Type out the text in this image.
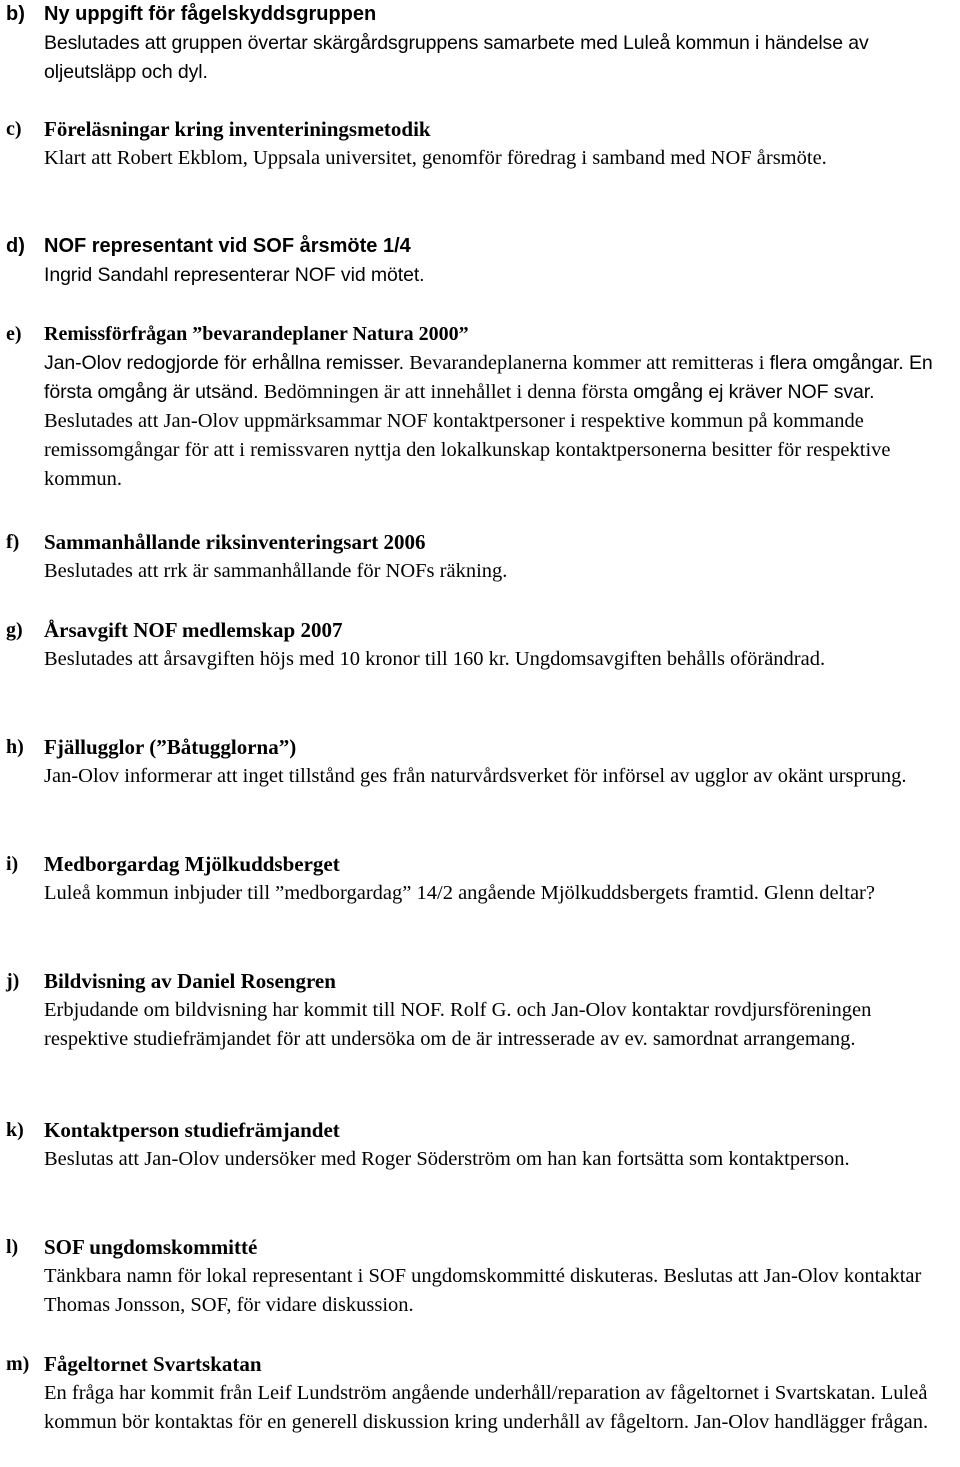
b) Ny uppgift för fågelskyddsgruppen
Beslutades att gruppen övertar skärgårdsgruppens samarbete med Luleå kommun i händelse av oljeutsläpp och dyl.
c)	Föreläsningar kring inventeriningsmetodik
Klart att Robert Ekblom, Uppsala universitet, genomför föredrag i samband med NOF årsmöte.
d) NOF representant vid SOF årsmöte 1/4
Ingrid Sandahl representerar NOF vid mötet.
e)	Remissförfrågan ”bevarandeplaner Natura 2000”
Jan-Olov redogjorde för erhållna remisser. Bevarandeplanerna kommer att remitteras i flera omgångar. En första omgång är utsänd. Bedömningen är att innehållet i denna första omgång ej kräver NOF svar. Beslutades att Jan-Olov uppmärksammar NOF kontaktpersoner i respektive kommun på kommande remissomgångar för att i remissvaren nyttja den lokalkunskap kontaktpersonerna besitter för respektive kommun.
f)	Sammanhållande riksinventeringsart 2006
Beslutades att rrk är sammanhållande för NOFs räkning.
g)	Årsavgift NOF medlemskap 2007
Beslutades att årsavgiften höjs med 10 kronor till 160 kr. Ungdomsavgiften behålls oförändrad.
h) Fjällugglor (”Båtugglorna”)
Jan-Olov informerar att inget tillstånd ges från naturvårdsverket för införsel av ugglor av okänt ursprung.
i)	Medborgardag Mjölkuddsberget
Luleå kommun inbjuder till ”medborgardag” 14/2 angående Mjölkuddsbergets framtid. Glenn deltar?
j)	Bildvisning av Daniel Rosengren
Erbjudande om bildvisning har kommit till NOF. Rolf G. och Jan-Olov kontaktar rovdjursföreningen respektive studiefrämjandet för att undersöka om de är intresserade av ev. samordnat arrangemang.
k) Kontaktperson studiefrämjandet
Beslutas att Jan-Olov undersöker med Roger Söderström om han kan fortsätta som kontaktperson.
l)	SOF ungdomskommitté
Tänkbara namn för lokal representant i SOF ungdomskommitté diskuteras. Beslutas att Jan-Olov kontaktar Thomas Jonsson, SOF, för vidare diskussion.
m) Fågeltornet Svartskatan
En fråga har kommit från Leif Lundström angående underhåll/reparation av fågeltornet i Svartskatan. Luleå kommun bör kontaktas för en generell diskussion kring underhåll av fågeltorn. Jan-Olov handlägger frågan.
